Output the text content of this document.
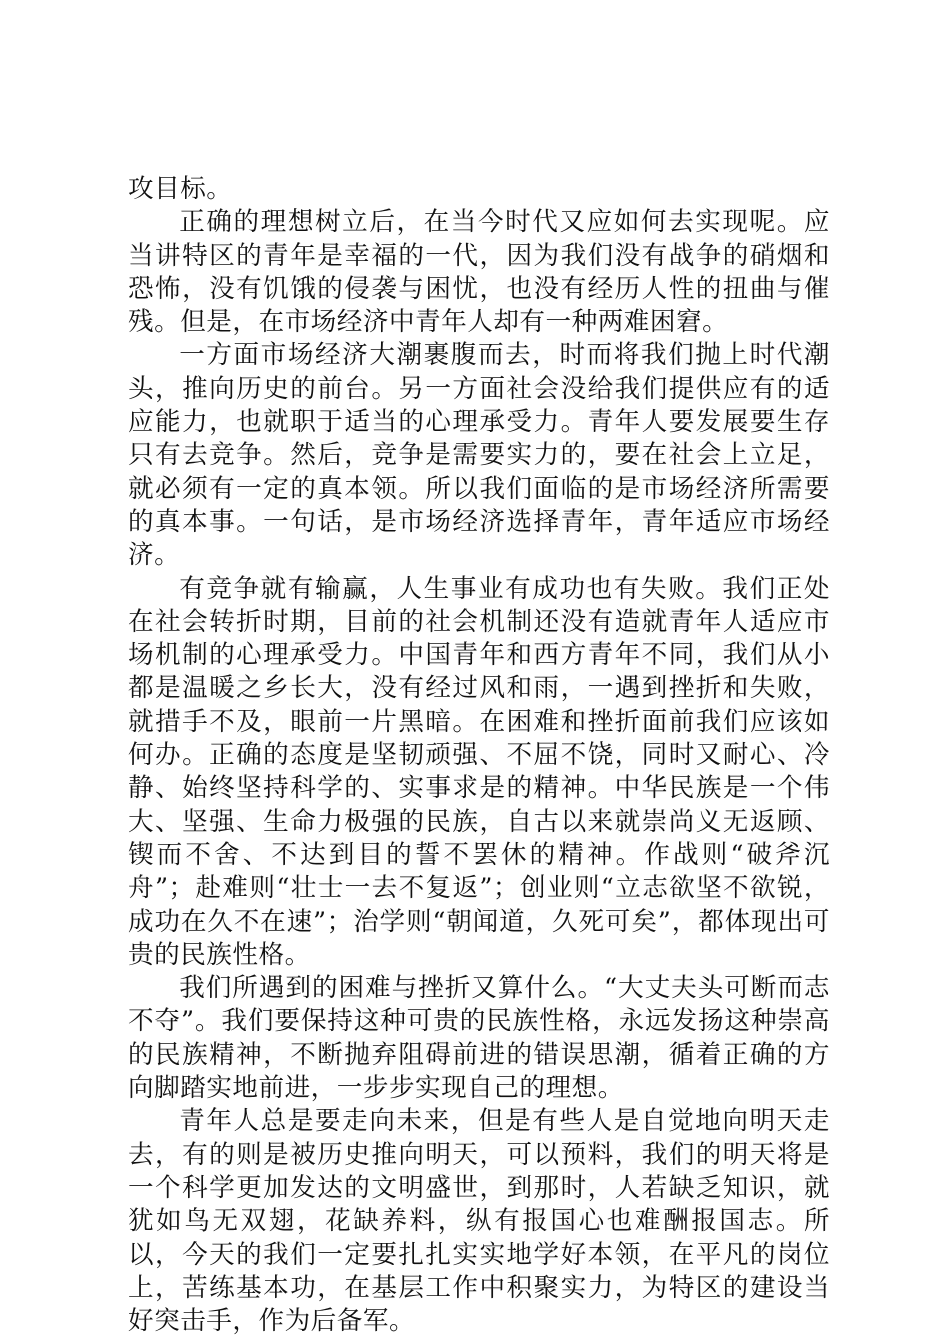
攻目标。

正确的理想树立后，在当今时代又应如何去实现呢。应当讲特区的青年是幸福的一代，因为我们没有战争的硝烟和恐怖，没有饥饿的侵袭与困忧，也没有经历人性的扭曲与催残。但是，在市场经济中青年人却有一种两难困窘。

一方面市场经济大潮裹腹而去，时而将我们抛上时代潮头，推向历史的前台。另一方面社会没给我们提供应有的适应能力，也就职于适当的心理承受力。青年人要发展要生存只有去竞争。然后，竞争是需要实力的，要在社会上立足，就必须有一定的真本领。所以我们面临的是市场经济所需要的真本事。一句话，是市场经济选择青年，青年适应市场经济。

有竞争就有输赢，人生事业有成功也有失败。我们正处在社会转折时期，目前的社会机制还没有造就青年人适应市场机制的心理承受力。中国青年和西方青年不同，我们从小都是温暖之乡长大，没有经过风和雨，一遇到挫折和失败，就措手不及，眼前一片黑暗。在困难和挫折面前我们应该如何办。正确的态度是坚韧顽强、不屈不饶，同时又耐心、冷静、始终坚持科学的、实事求是的精神。中华民族是一个伟大、坚强、生命力极强的民族，自古以来就崇尚义无返顾、锲而不舍、不达到目的誓不罢休的精神。作战则“破斧沉舟”；赴难则“壮士一去不复返”；创业则“立志欲坚不欲锐，成功在久不在速”；治学则“朝闻道，久死可矣”，都体现出可贵的民族性格。

我们所遇到的困难与挫折又算什么。“大丈夫头可断而志不夺”。我们要保持这种可贵的民族性格，永远发扬这种崇高的民族精神，不断抛弃阻碍前进的错误思潮，循着正确的方向脚踏实地前进，一步步实现自己的理想。

青年人总是要走向未来，但是有些人是自觉地向明天走去，有的则是被历史推向明天，可以预料，我们的明天将是一个科学更加发达的文明盛世，到那时，人若缺乏知识，就犹如鸟无双翅，花缺养料，纵有报国心也难酬报国志。所以，今天的我们一定要扎扎实实地学好本领，在平凡的岗位上，苦练基本功，在基层工作中积聚实力，为特区的建设当好突击手，作为后备军。
